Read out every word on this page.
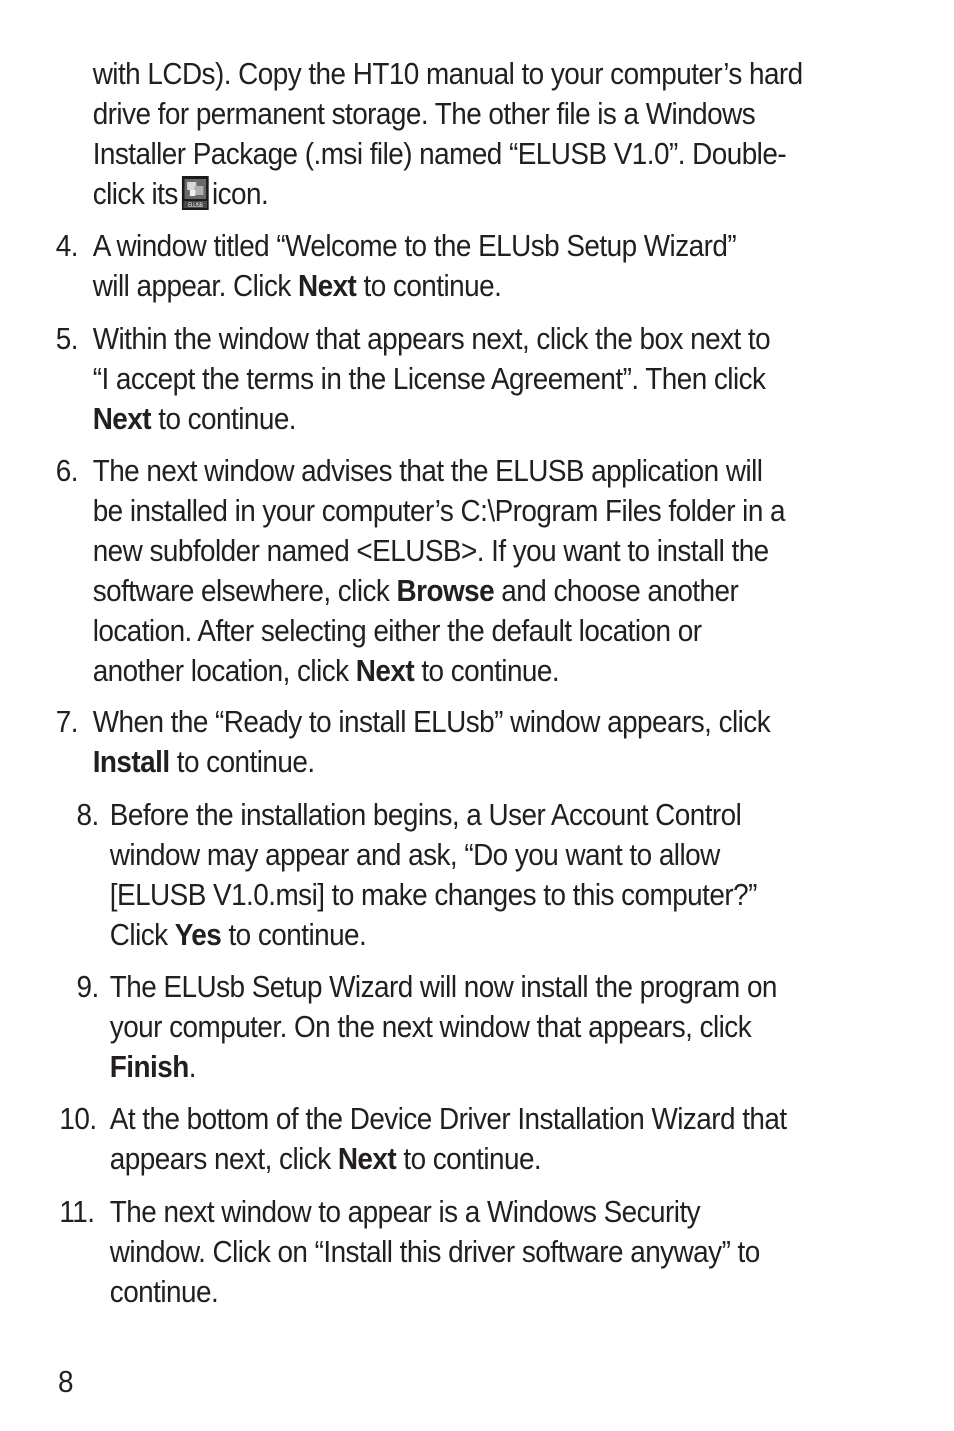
with LCDs). Copy the HT10 manual to your computer’s hard
drive for permanent storage. The other file is a Windows
Installer Package (.msi file) named “ELUSB V1.0”. Double-
click its ELUSB icon.
4. A window titled “Welcome to the ELUsb Setup Wizard”
will appear. Click Next to continue.
5. Within the window that appears next, click the box next to
“I accept the terms in the License Agreement”. Then click
Next to continue.
6. The next window advises that the ELUSB application will
be installed in your computer’s C:\Program Files folder in a
new subfolder named <ELUSB>. If you want to install the
software elsewhere, click Browse and choose another
location. After selecting either the default location or
another location, click Next to continue.
7. When the “Ready to install ELUsb” window appears, click
Install to continue.
8. Before the installation begins, a User Account Control
window may appear and ask, “Do you want to allow
[ELUSB V1.0.msi] to make changes to this computer?”
Click Yes to continue.
9. The ELUsb Setup Wizard will now install the program on
your computer. On the next window that appears, click
Finish.
10. At the bottom of the Device Driver Installation Wizard that
appears next, click Next to continue.
11. The next window to appear is a Windows Security
window. Click on “Install this driver software anyway” to
continue.
8
